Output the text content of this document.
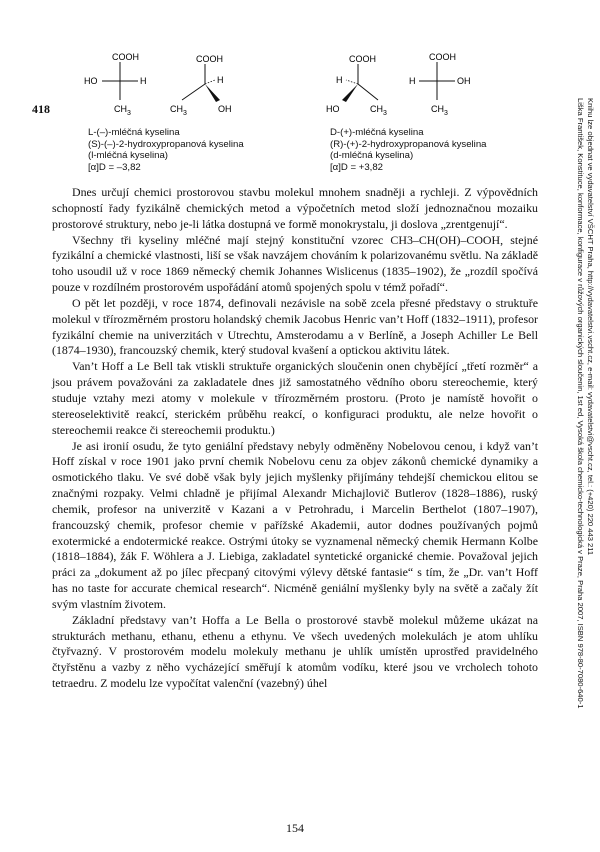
418
COOH
HO	H
$CH_3$
COOH
H
$CH_3$	OH
COOH
H
HO	$CH_3$
COOH
H	OH
$CH_3$
L-(–)-mléčná kyselina
(S)-(–)-2-hydroxypropanová kyselina
(l-mléčná kyselina)
[α]D = –3,82
D-(+)-mléčná kyselina
(R)-(+)-2-hydroxypropanová kyselina
(d-mléčná kyselina)
[α]D = +3,82

Dnes určují chemici prostorovou stavbu molekul mnohem snadněji a rychleji. Z výpovědních schopností řady fyzikálně chemických metod a výpočetních metod složí jednoznačnou mozaiku prostorové struktury, nebo je-li látka dostupná ve formě monokrystalu, ji doslova „zrentgenují“.

Všechny tři kyseliny mléčné mají stejný konstituční vzorec CH3–CH(OH)–COOH, stejné fyzikální a chemické vlastnosti, liší se však navzájem chováním k polarizovanému světlu. Na základě toho usoudil už v roce 1869 německý chemik Johannes Wislicenus (1835–1902), že „rozdíl spočívá pouze v rozdílném prostorovém uspořádání atomů spojených spolu v témž pořadí“.

O pět let později, v roce 1874, definovali nezávisle na sobě zcela přesné představy o struktuře molekul v třírozměrném prostoru holandský chemik Jacobus Henric van’t Hoff (1832–1911), profesor fyzikální chemie na univerzitách v Utrechtu, Amsterodamu a v Berlíně, a Joseph Achiller Le Bell (1874–1930), francouzský chemik, který studoval kvašení a optickou aktivitu látek.

Van’t Hoff a Le Bell tak vtiskli struktuře organických sloučenin onen chybějící „třetí rozměr“ a jsou právem považováni za zakladatele dnes již samostatného vědního oboru stereochemie, který studuje vztahy mezi atomy v molekule v třírozměrném prostoru. (Proto je namístě hovořit o stereoselektivitě reakcí, sterickém průběhu reakcí, o konfiguraci produktu, ale nelze hovořit o stereochemii reakce či stereochemii produktu.)

Je asi ironií osudu, že tyto geniální představy nebyly odměněny Nobelovou cenou, i když van’t Hoff získal v roce 1901 jako první chemik Nobelovu cenu za objev zákonů chemické dynamiky a osmotického tlaku. Ve své době však byly jejich myšlenky přijímány tehdejší chemickou elitou se značnými rozpaky. Velmi chladně je přijímal Alexandr Michajlovič Butlerov (1828–1886), ruský chemik, profesor na univerzitě v Kazani a v Petrohradu, i Marcelin Berthelot (1807–1907), francouzský chemik, profesor chemie v pařížské Akademii, autor dodnes používaných pojmů exotermické a endotermické reakce. Ostrými útoky se vyznamenal německý chemik Hermann Kolbe (1818–1884), žák F. Wöhlera a J. Liebiga, zakladatel syntetické organické chemie. Považoval jejich práci za „dokument až po jílec přecpaný citovými výlevy dětské fantasie“ s tím, že „Dr. van’t Hoff has no taste for accurate chemical research“. Nicméně geniální myšlenky byly na světě a začaly žít svým vlastním životem.

Základní představy van’t Hoffa a Le Bella o prostorové stavbě molekul můžeme ukázat na strukturách methanu, ethanu, ethenu a ethynu. Ve všech uvedených molekulách je atom uhlíku čtyřvazný. V prostorovém modelu molekuly methanu je uhlík umístěn uprostřed pravidelného čtyřstěnu a vazby z něho vycházející směřují k atomům vodíku, které jsou ve vrcholech tohoto tetraedru. Z modelu lze vypočítat valenční (vazebný) úhel

154
Liška František, Konstituce, konformace, konfigurace v růžových organických sloučenin, 1st ed, Vysoká škola chemicko-technologická v Praze, Praha 2007, ISBN 978-80-7080-640-1 Knihu lze objednat ve vydavatelství VŠCHT Praha, http://vydavatelstvi.vscht.cz, e-mail: vydavatelstvi@vscht.cz, tel.: (+420) 220 443 211
